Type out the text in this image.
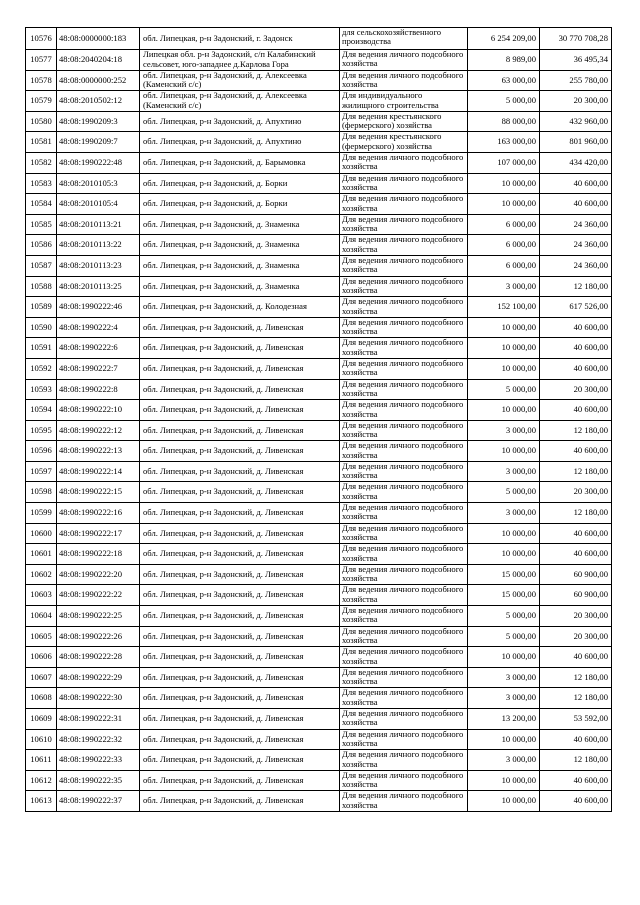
10576	48:08:0000000:183	обл. Липецкая, р-н Задонский, г. Задонск	для сельскохозяйственного производства	6 254 209,00	30 770 708,28
10577	48:08:2040204:18	Липецкая обл. р-н Задонский, с/п Калабинский сельсовет, юго-западнее д.Карлова Гора	Для ведения личного подсобного хозяйства	8 989,00	36 495,34
10578	48:08:0000000:252	обл. Липецкая, р-н Задонский, д. Алексеевка (Каменский с/с)	Для ведения личного подсобного хозяйства	63 000,00	255 780,00
10579	48:08:2010502:12	обл. Липецкая, р-н Задонский, д. Алексеевка (Каменский с/с)	Для индивидуального жилищного строительства	5 000,00	20 300,00
10580	48:08:1990209:3	обл. Липецкая, р-н Задонский, д. Апухтино	Для ведения крестьянского (фермерского) хозяйства	88 000,00	432 960,00
10581	48:08:1990209:7	обл. Липецкая, р-н Задонский, д. Апухтино	Для ведения крестьянского (фермерского) хозяйства	163 000,00	801 960,00
10582	48:08:1990222:48	обл. Липецкая, р-н Задонский, д. Барымовка	Для ведения личного подсобного хозяйства	107 000,00	434 420,00
10583	48:08:2010105:3	обл. Липецкая, р-н Задонский, д. Борки	Для ведения личного подсобного хозяйства	10 000,00	40 600,00
10584	48:08:2010105:4	обл. Липецкая, р-н Задонский, д. Борки	Для ведения личного подсобного хозяйства	10 000,00	40 600,00
10585	48:08:2010113:21	обл. Липецкая, р-н Задонский, д. Знаменка	Для ведения личного подсобного хозяйства	6 000,00	24 360,00
10586	48:08:2010113:22	обл. Липецкая, р-н Задонский, д. Знаменка	Для ведения личного подсобного хозяйства	6 000,00	24 360,00
10587	48:08:2010113:23	обл. Липецкая, р-н Задонский, д. Знаменка	Для ведения личного подсобного хозяйства	6 000,00	24 360,00
10588	48:08:2010113:25	обл. Липецкая, р-н Задонский, д. Знаменка	Для ведения личного подсобного хозяйства	3 000,00	12 180,00
10589	48:08:1990222:46	обл. Липецкая, р-н Задонский, д. Колодезная	Для ведения личного подсобного хозяйства	152 100,00	617 526,00
10590	48:08:1990222:4	обл. Липецкая, р-н Задонский, д. Ливенская	Для ведения личного подсобного хозяйства	10 000,00	40 600,00
10591	48:08:1990222:6	обл. Липецкая, р-н Задонский, д. Ливенская	Для ведения личного подсобного хозяйства	10 000,00	40 600,00
10592	48:08:1990222:7	обл. Липецкая, р-н Задонский, д. Ливенская	Для ведения личного подсобного хозяйства	10 000,00	40 600,00
10593	48:08:1990222:8	обл. Липецкая, р-н Задонский, д. Ливенская	Для ведения личного подсобного хозяйства	5 000,00	20 300,00
10594	48:08:1990222:10	обл. Липецкая, р-н Задонский, д. Ливенская	Для ведения личного подсобного хозяйства	10 000,00	40 600,00
10595	48:08:1990222:12	обл. Липецкая, р-н Задонский, д. Ливенская	Для ведения личного подсобного хозяйства	3 000,00	12 180,00
10596	48:08:1990222:13	обл. Липецкая, р-н Задонский, д. Ливенская	Для ведения личного подсобного хозяйства	10 000,00	40 600,00
10597	48:08:1990222:14	обл. Липецкая, р-н Задонский, д. Ливенская	Для ведения личного подсобного хозяйства	3 000,00	12 180,00
10598	48:08:1990222:15	обл. Липецкая, р-н Задонский, д. Ливенская	Для ведения личного подсобного хозяйства	5 000,00	20 300,00
10599	48:08:1990222:16	обл. Липецкая, р-н Задонский, д. Ливенская	Для ведения личного подсобного хозяйства	3 000,00	12 180,00
10600	48:08:1990222:17	обл. Липецкая, р-н Задонский, д. Ливенская	Для ведения личного подсобного хозяйства	10 000,00	40 600,00
10601	48:08:1990222:18	обл. Липецкая, р-н Задонский, д. Ливенская	Для ведения личного подсобного хозяйства	10 000,00	40 600,00
10602	48:08:1990222:20	обл. Липецкая, р-н Задонский, д. Ливенская	Для ведения личного подсобного хозяйства	15 000,00	60 900,00
10603	48:08:1990222:22	обл. Липецкая, р-н Задонский, д. Ливенская	Для ведения личного подсобного хозяйства	15 000,00	60 900,00
10604	48:08:1990222:25	обл. Липецкая, р-н Задонский, д. Ливенская	Для ведения личного подсобного хозяйства	5 000,00	20 300,00
10605	48:08:1990222:26	обл. Липецкая, р-н Задонский, д. Ливенская	Для ведения личного подсобного хозяйства	5 000,00	20 300,00
10606	48:08:1990222:28	обл. Липецкая, р-н Задонский, д. Ливенская	Для ведения личного подсобного хозяйства	10 000,00	40 600,00
10607	48:08:1990222:29	обл. Липецкая, р-н Задонский, д. Ливенская	Для ведения личного подсобного хозяйства	3 000,00	12 180,00
10608	48:08:1990222:30	обл. Липецкая, р-н Задонский, д. Ливенская	Для ведения личного подсобного хозяйства	3 000,00	12 180,00
10609	48:08:1990222:31	обл. Липецкая, р-н Задонский, д. Ливенская	Для ведения личного подсобного хозяйства	13 200,00	53 592,00
10610	48:08:1990222:32	обл. Липецкая, р-н Задонский, д. Ливенская	Для ведения личного подсобного хозяйства	10 000,00	40 600,00
10611	48:08:1990222:33	обл. Липецкая, р-н Задонский, д. Ливенская	Для ведения личного подсобного хозяйства	3 000,00	12 180,00
10612	48:08:1990222:35	обл. Липецкая, р-н Задонский, д. Ливенская	Для ведения личного подсобного хозяйства	10 000,00	40 600,00
10613	48:08:1990222:37	обл. Липецкая, р-н Задонский, д. Ливенская	Для ведения личного подсобного хозяйства	10 000,00	40 600,00
